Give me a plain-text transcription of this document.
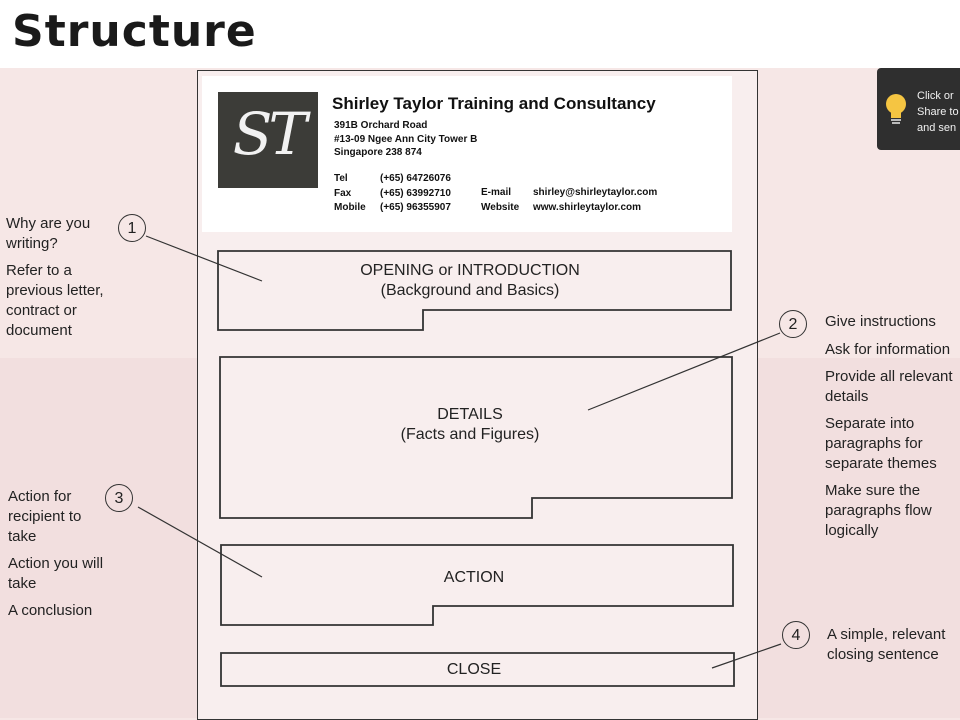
Structure
ST	Shirley Taylor Training and Consultancy
391B Orchard Road
#13-09 Ngee Ann City Tower B
Singapore 238 874
Tel
Fax
Mobile
(+65) 64726076
(+65) 63992710
(+65) 96355907
E-mail
Website
shirley@shirleytaylor.com
www.shirleytaylor.com
OPENING or INTRODUCTION
(Background and Basics)
DETAILS
(Facts and Figures)
ACTION
CLOSE
1
2
3
4
Why are you writing?
Refer to a previous letter, contract or document
Give instructions
Ask for information
Provide all relevant details
Separate into paragraphs for separate themes
Make sure the paragraphs flow logically
Action for recipient to take
Action you will take
A conclusion
A simple, relevant closing sentence
Click or
Share to
and sen
